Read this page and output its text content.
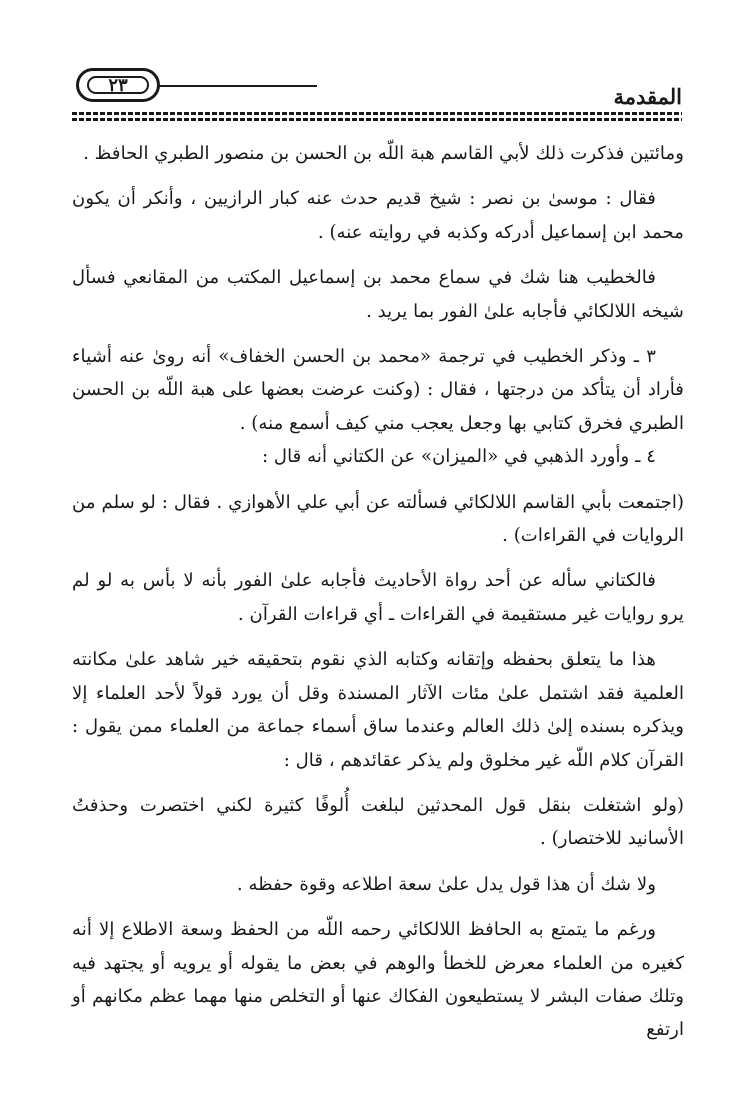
٢٣	المقدمة

ومائتين فذكرت ذلك لأبي القاسم هبة اللّه بن الحسن بن منصور الطبري الحافظ .

فقال : موسىٰ بن نصر : شيخ قديم حدث عنه كبار الرازيين ، وأنكر أن يكون محمد ابن إسماعيل أدركه وكذبه في روايته عنه) .

فالخطيب هنا شك في سماع محمد بن إسماعيل المكتب من المقانعي فسأل شيخه اللالكائي فأجابه علىٰ الفور بما يريد .

٣ ـ وذكر الخطيب في ترجمة «محمد بن الحسن الخفاف» أنه روىٰ عنه أشياء فأراد أن يتأكد من درجتها ، فقال : (وكنت عرضت بعضها على هبة اللّه بن الحسن الطبري فخرق كتابي بها وجعل يعجب مني كيف أسمع منه) .

٤ ـ وأورد الذهبي في «الميزان» عن الكتاني أنه قال :

(اجتمعت بأبي القاسم اللالكائي فسألته عن أبي علي الأهوازي . فقال : لو سلم من الروايات في القراءات) .

فالكتاني سأله عن أحد رواة الأحاديث فأجابه علىٰ الفور بأنه لا بأس به لو لم يرو روايات غير مستقيمة في القراءات ـ أي قراءات القرآن .

هذا ما يتعلق بحفظه وإتقانه وكتابه الذي نقوم بتحقيقه خير شاهد علىٰ مكانته العلمية فقد اشتمل علىٰ مئات الآثار المسندة وقل أن يورد قولاً لأحد العلماء إلا ويذكره بسنده إلىٰ ذلك العالم وعندما ساق أسماء جماعة من العلماء ممن يقول : القرآن كلام اللّه غير مخلوق ولم يذكر عقائدهم ، قال :

(ولو اشتغلت بنقل قول المحدثين لبلغت أُلوفًا كثيرة لكني اختصرت وحذفتُ الأسانيد للاختصار) .

ولا شك أن هذا قول يدل علىٰ سعة اطلاعه وقوة حفظه .

ورغم ما يتمتع به الحافظ اللالكائي رحمه اللّه من الحفظ وسعة الاطلاع إلا أنه كغيره من العلماء معرض للخطأ والوهم في بعض ما يقوله أو يرويه أو يجتهد فيه وتلك صفات البشر لا يستطيعون الفكاك عنها أو التخلص منها مهما عظم مكانهم أو ارتفع
